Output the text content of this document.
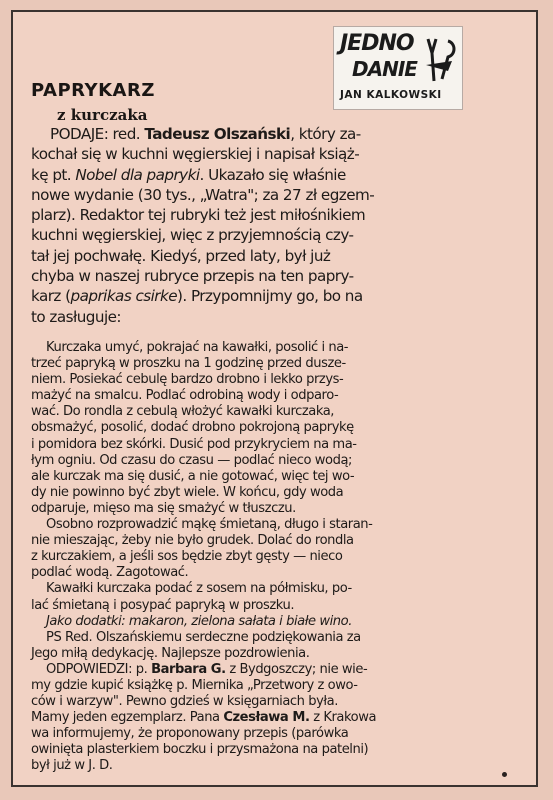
JEDNO
DANIE
JAN KALKOWSKI
PAPRYKARZ
z kurczaka
PODAJE: red. Tadeusz Olszański, który za-
kochał się w kuchni węgierskiej i napisał książ-
kę pt. Nobel dla papryki. Ukazało się właśnie
nowe wydanie (30 tys., „Watra"; za 27 zł egzem-
plarz). Redaktor tej rubryki też jest miłośnikiem
kuchni węgierskiej, więc z przyjemnością czy-
tał jej pochwałę. Kiedyś, przed laty, był już
chyba w naszej rubryce przepis na ten papry-
karz (paprikas csirke). Przypomnijmy go, bo na
to zasługuje:
Kurczaka umyć, pokrajać na kawałki, posolić i na-
trzeć papryką w proszku na 1 godzinę przed dusze-
niem. Posiekać cebulę bardzo drobno i lekko przys-
mażyć na smalcu. Podlać odrobiną wody i odparo-
wać. Do rondla z cebulą włożyć kawałki kurczaka,
obsmażyć, posolić, dodać drobno pokrojoną paprykę
i pomidora bez skórki. Dusić pod przykryciem na ma-
łym ogniu. Od czasu do czasu — podlać nieco wodą;
ale kurczak ma się dusić, a nie gotować, więc tej wo-
dy nie powinno być zbyt wiele. W końcu, gdy woda
odparuje, mięso ma się smażyć w tłuszczu.
Osobno rozprowadzić mąkę śmietaną, długo i staran-
nie mieszając, żeby nie było grudek. Dolać do rondla
z kurczakiem, a jeśli sos będzie zbyt gęsty — nieco
podlać wodą. Zagotować.
Kawałki kurczaka podać z sosem na półmisku, po-
lać śmietaną i posypać papryką w proszku.
Jako dodatki: makaron, zielona sałata i białe wino.
PS Red. Olszańskiemu serdeczne podziękowania za
Jego miłą dedykację. Najlepsze pozdrowienia.
ODPOWIEDZI: p. Barbara G. z Bydgoszczy; nie wie-
my gdzie kupić książkę p. Miernika „Przetwory z owo-
ców i warzyw". Pewno gdzieś w księgarniach była.
Mamy jeden egzemplarz. Pana Czesława M. z Krakowa
wa informujemy, że proponowany przepis (parówka
owinięta plasterkiem boczku i przysmażona na patelni)
był już w J. D.
